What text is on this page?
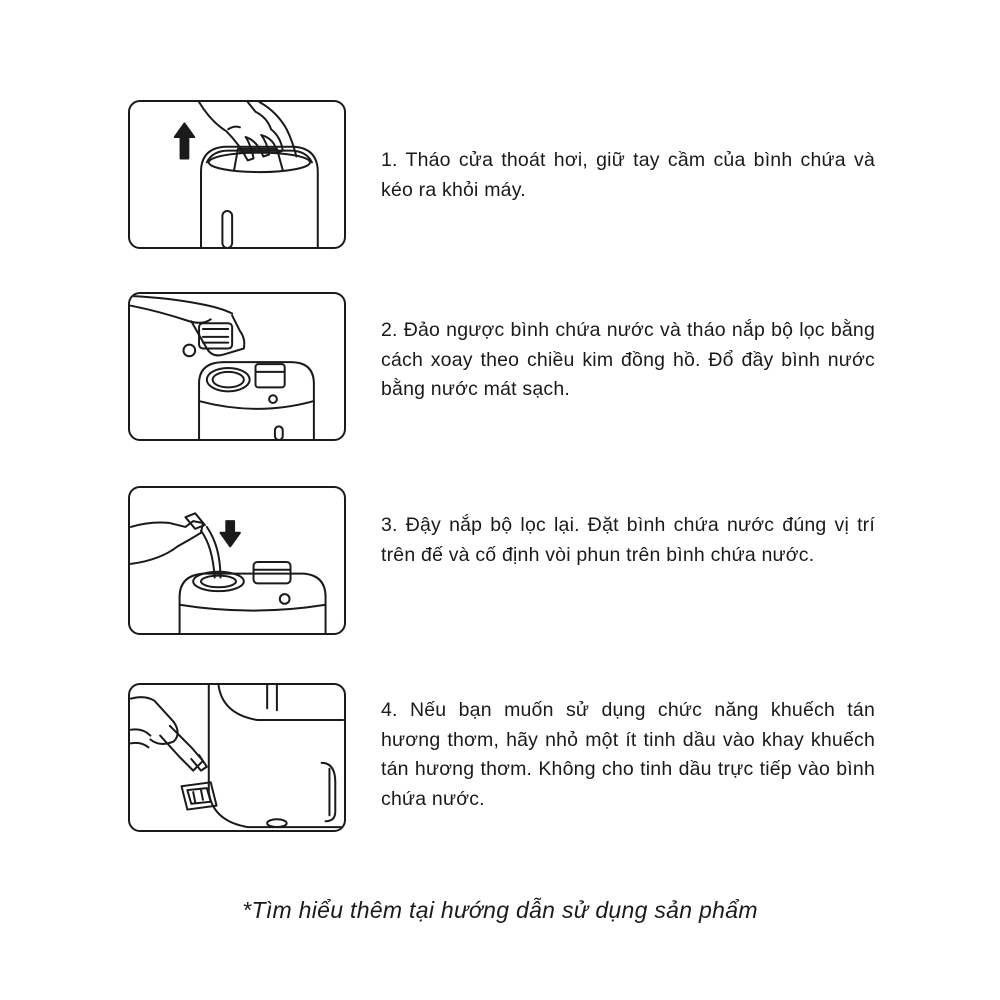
1. Tháo cửa thoát hơi, giữ tay cầm của bình chứa và kéo ra khỏi máy.
2. Đảo ngược bình chứa nước và tháo nắp bộ lọc bằng cách xoay theo chiều kim đồng hồ. Đổ đầy bình nước bằng nước mát sạch.
3. Đậy nắp bộ lọc lại. Đặt bình chứa nước đúng vị trí trên đế và cố định vòi phun trên bình chứa nước.
4. Nếu bạn muốn sử dụng chức năng khuếch tán hương thơm, hãy nhỏ một ít tinh dầu vào khay khuếch tán hương thơm. Không cho tinh dầu trực tiếp vào bình chứa nước.
*Tìm hiểu thêm tại hướng dẫn sử dụng sản phẩm
